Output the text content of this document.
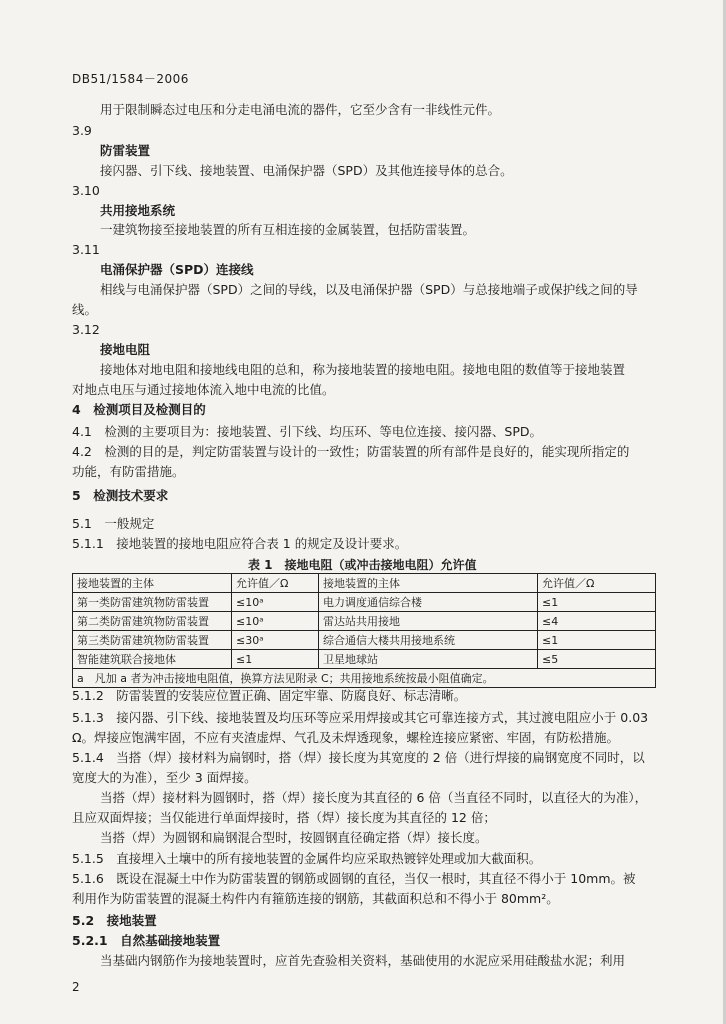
DB51/1584－2006
用于限制瞬态过电压和分走电涌电流的器件，它至少含有一非线性元件。
3.9
防雷装置
接闪器、引下线、接地装置、电涌保护器（SPD）及其他连接导体的总合。
3.10
共用接地系统
一建筑物接至接地装置的所有互相连接的金属装置，包括防雷装置。
3.11
电涌保护器（SPD）连接线
相线与电涌保护器（SPD）之间的导线，以及电涌保护器（SPD）与总接地端子或保护线之间的导
线。
3.12
接地电阻
接地体对地电阻和接地线电阻的总和，称为接地装置的接地电阻。接地电阻的数值等于接地装置
对地点电压与通过接地体流入地中电流的比值。
4　检测项目及检测目的
4.1　检测的主要项目为：接地装置、引下线、均压环、等电位连接、接闪器、SPD。
4.2　检测的目的是，判定防雷装置与设计的一致性；防雷装置的所有部件是良好的，能实现所指定的
功能，有防雷措施。
5　检测技术要求
5.1　一般规定
5.1.1　接地装置的接地电阻应符合表 1 的规定及设计要求。
表 1　接地电阻（或冲击接地电阻）允许值
接地装置的主体	允许值／Ω	接地装置的主体	允许值／Ω
第一类防雷建筑物防雷装置	≤10ᵃ	电力调度通信综合楼	≤1
第二类防雷建筑物防雷装置	≤10ᵃ	雷达站共用接地	≤4
第三类防雷建筑物防雷装置	≤30ᵃ	综合通信大楼共用接地系统	≤1
智能建筑联合接地体	≤1	卫星地球站	≤5
a　凡加 a 者为冲击接地电阻值，换算方法见附录 C；共用接地系统按最小阻值确定。			
5.1.2　防雷装置的安装应位置正确、固定牢靠、防腐良好、标志清晰。
5.1.3　接闪器、引下线、接地装置及均压环等应采用焊接或其它可靠连接方式，其过渡电阻应小于 0.03
Ω。焊接应饱满牢固，不应有夹渣虚焊、气孔及未焊透现象，螺栓连接应紧密、牢固，有防松措施。
5.1.4　当搭（焊）接材料为扁钢时，搭（焊）接长度为其宽度的 2 倍（进行焊接的扁钢宽度不同时，以
宽度大的为准），至少 3 面焊接。
当搭（焊）接材料为圆钢时，搭（焊）接长度为其直径的 6 倍（当直径不同时，以直径大的为准），
且应双面焊接；当仅能进行单面焊接时，搭（焊）接长度为其直径的 12 倍；
当搭（焊）为圆钢和扁钢混合型时，按圆钢直径确定搭（焊）接长度。
5.1.5　直接埋入土壤中的所有接地装置的金属件均应采取热镀锌处理或加大截面积。
5.1.6　既设在混凝土中作为防雷装置的钢筋或圆钢的直径，当仅一根时，其直径不得小于 10mm。被
利用作为防雷装置的混凝土构件内有箍筋连接的钢筋，其截面积总和不得小于 80mm²。
5.2　接地装置
5.2.1　自然基础接地装置
当基础内钢筋作为接地装置时，应首先查验相关资料，基础使用的水泥应采用硅酸盐水泥；利用
2
